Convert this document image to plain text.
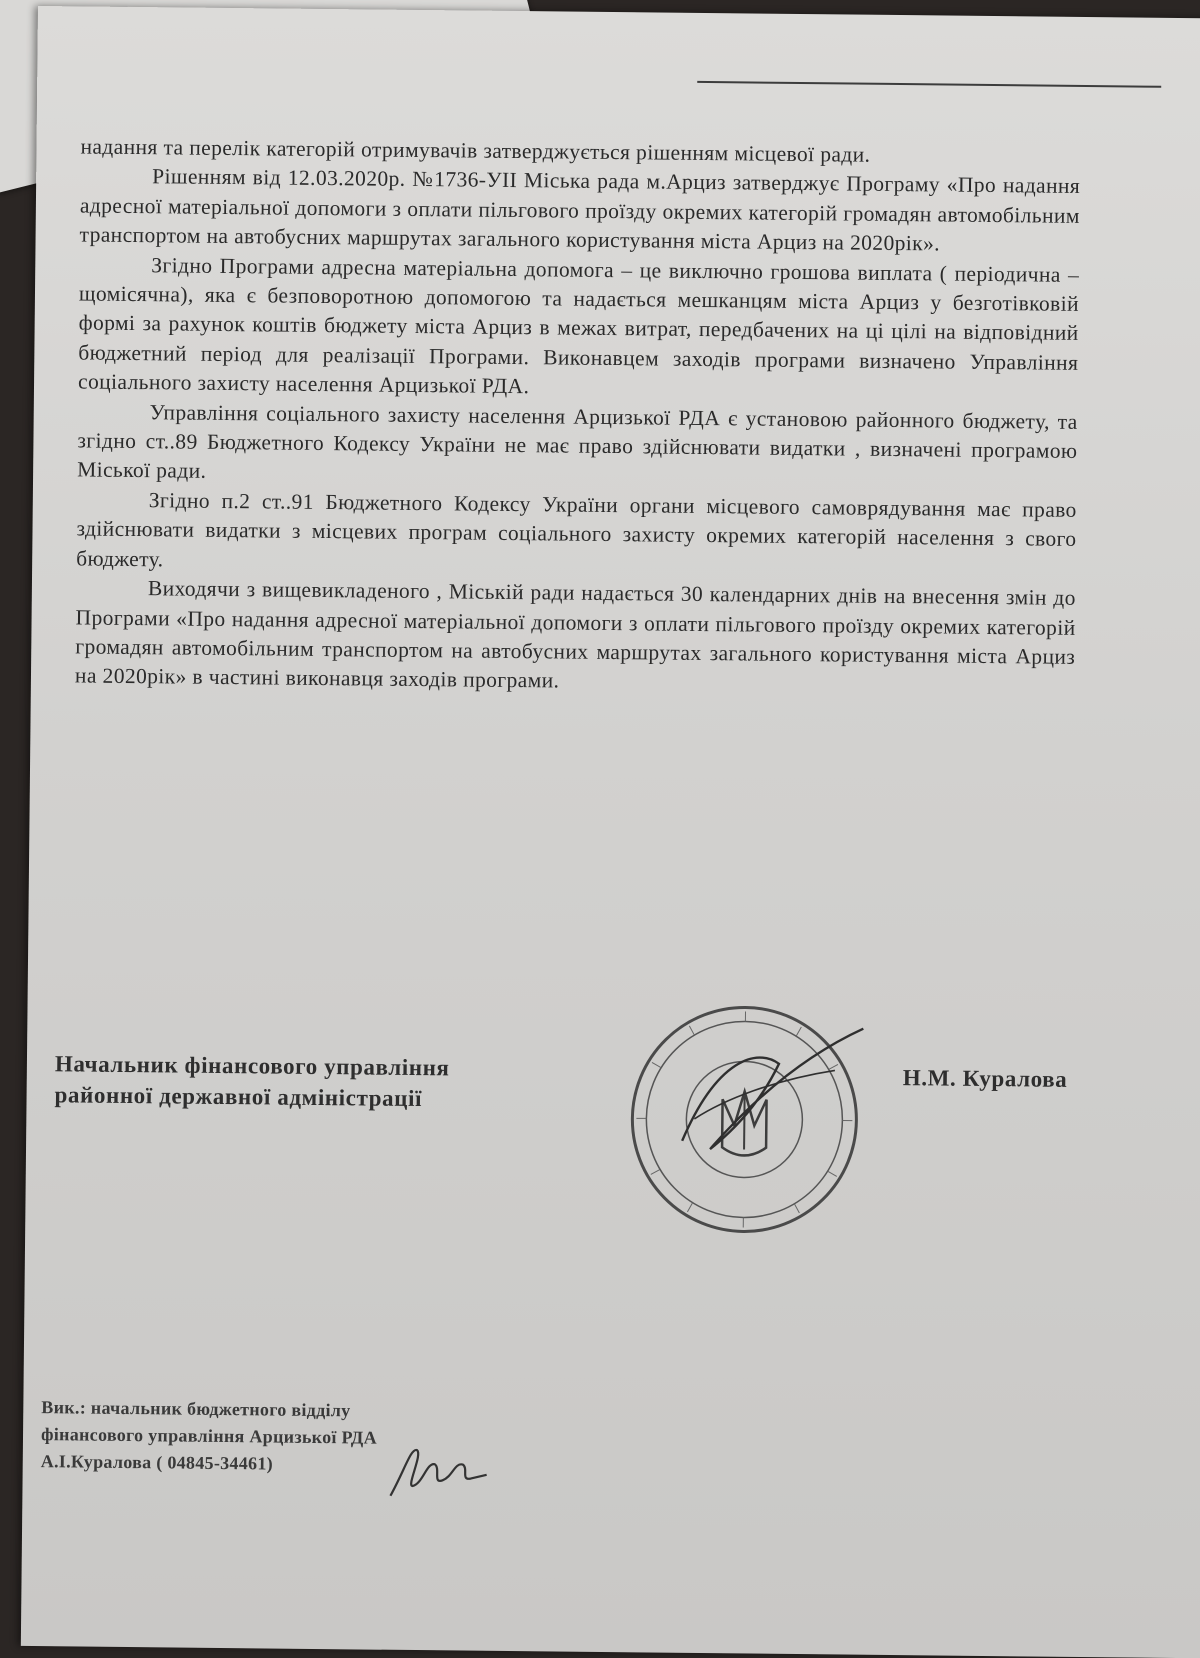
надання та перелік категорій отримувачів затверджується рішенням місцевої ради.

Рішенням від 12.03.2020р. №1736-УІІ Міська рада м.Арциз затверджує Програму «Про надання адресної матеріальної допомоги з оплати пільгового проїзду окремих категорій громадян автомобільним транспортом на автобусних маршрутах загального користування міста Арциз на 2020рік».

Згідно Програми адресна матеріальна допомога – це виключно грошова виплата ( періодична – щомісячна), яка є безповоротною допомогою та надається мешканцям міста Арциз у безготівковій формі за рахунок коштів бюджету міста Арциз в межах витрат, передбачених на ці цілі на відповідний бюджетний період для реалізації Програми. Виконавцем заходів програми визначено Управління соціального захисту населення Арцизької РДА.

Управління соціального захисту населення Арцизької РДА є установою районного бюджету, та згідно ст..89 Бюджетного Кодексу України не має право здійснювати видатки , визначені програмою Міської ради.

Згідно п.2 ст..91 Бюджетного Кодексу України органи місцевого самоврядування має право здійснювати видатки з місцевих програм соціального захисту окремих категорій населення з свого бюджету.

Виходячи з вищевикладеного , Міській ради надається 30 календарних днів на внесення змін до Програми «Про надання адресної матеріальної допомоги з оплати пільгового проїзду окремих категорій громадян автомобільним транспортом на автобусних маршрутах загального користування міста Арциз на 2020рік» в частині виконавця заходів програми.

Начальник фінансового управління
районної державної адміністрації
Н.М. Куралова
Вик.: начальник бюджетного відділу
фінансового управління Арцизької РДА
А.І.Куралова ( 04845-34461)
